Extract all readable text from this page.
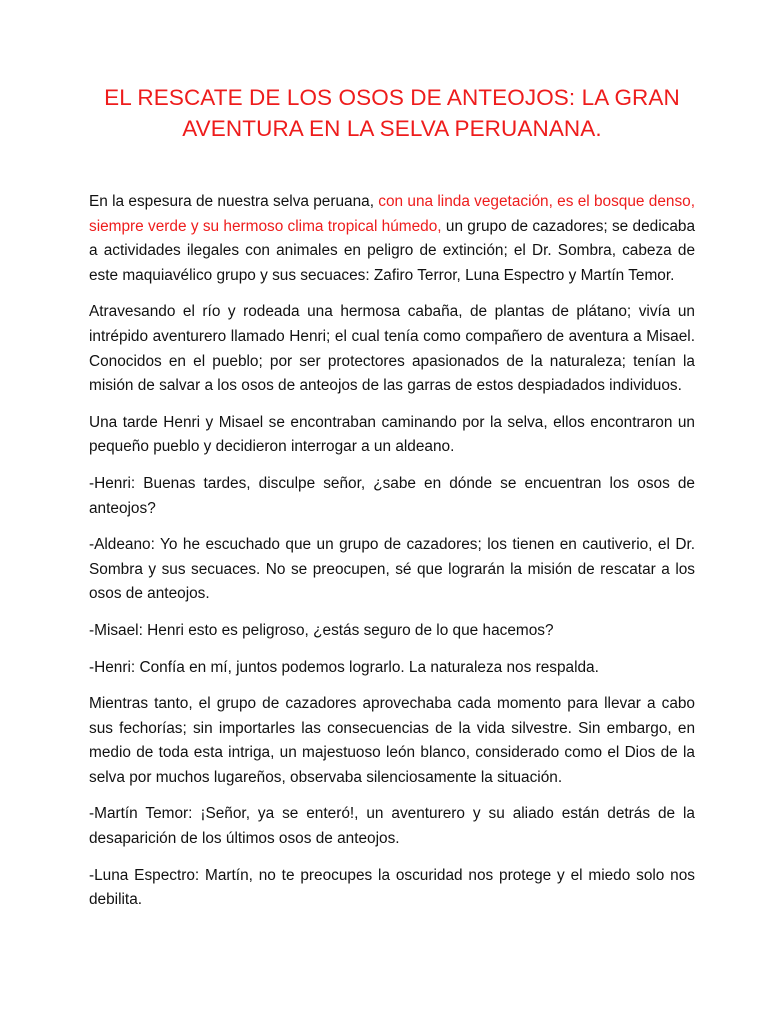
EL RESCATE DE LOS OSOS DE ANTEOJOS: LA GRAN AVENTURA EN LA SELVA PERUANANA.

En la espesura de nuestra selva peruana, con una linda vegetación, es el bosque denso, siempre verde y su hermoso clima tropical húmedo, un grupo de cazadores; se dedicaba a actividades ilegales con animales en peligro de extinción; el Dr. Sombra, cabeza de este maquiavélico grupo y sus secuaces: Zafiro Terror, Luna Espectro y Martín Temor.

Atravesando el río y rodeada una hermosa cabaña, de plantas de plátano; vivía un intrépido aventurero llamado Henri; el cual tenía como compañero de aventura a Misael. Conocidos en el pueblo; por ser protectores apasionados de la naturaleza; tenían la misión de salvar a los osos de anteojos de las garras de estos despiadados individuos.

Una tarde Henri y Misael se encontraban caminando por la selva, ellos encontraron un pequeño pueblo y decidieron interrogar a un aldeano.

-Henri: Buenas tardes, disculpe señor, ¿sabe en dónde se encuentran los osos de anteojos?

-Aldeano: Yo he escuchado que un grupo de cazadores; los tienen en cautiverio, el Dr. Sombra y sus secuaces. No se preocupen, sé que lograrán la misión de rescatar a los osos de anteojos.

-Misael: Henri esto es peligroso, ¿estás seguro de lo que hacemos?

-Henri: Confía en mí, juntos podemos lograrlo. La naturaleza nos respalda.

Mientras tanto, el grupo de cazadores aprovechaba cada momento para llevar a cabo sus fechorías; sin importarles las consecuencias de la vida silvestre. Sin embargo, en medio de toda esta intriga, un majestuoso león blanco, considerado como el Dios de la selva por muchos lugareños, observaba silenciosamente la situación.

-Martín Temor: ¡Señor, ya se enteró!, un aventurero y su aliado están detrás de la desaparición de los últimos osos de anteojos.

-Luna Espectro: Martín, no te preocupes la oscuridad nos protege y el miedo solo nos debilita.
